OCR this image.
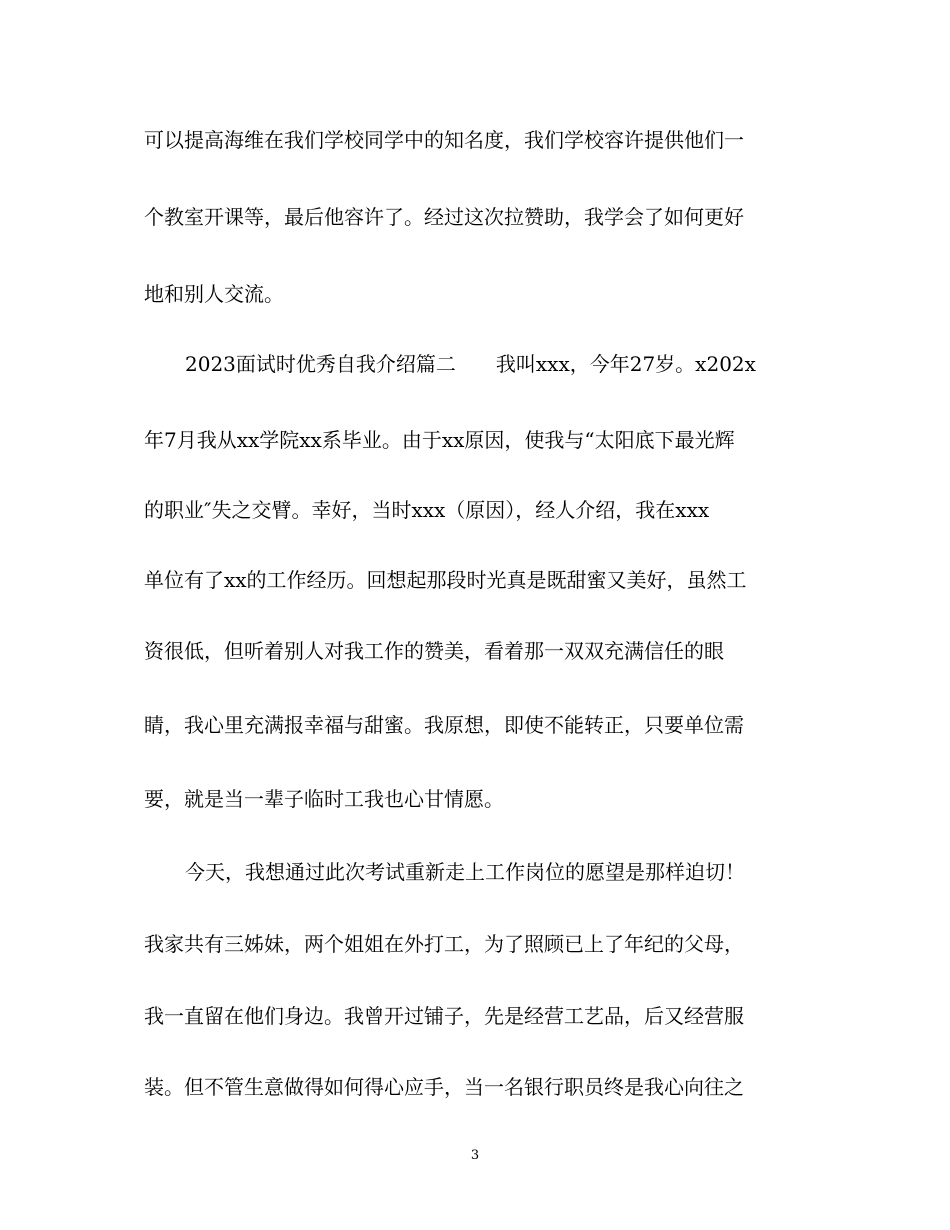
可以提高海维在我们学校同学中的知名度，我们学校容许提供他们一
个教室开课等，最后他容许了。经过这次拉赞助，我学会了如何更好
地和别人交流。
2023面试时优秀自我介绍篇二　　我叫xxx，今年27岁。x202x
年7月我从xx学院xx系毕业。由于xx原因，使我与“太阳底下最光辉
的职业″失之交臂。幸好，当时xxx（原因），经人介绍，我在xxx
单位有了xx的工作经历。回想起那段时光真是既甜蜜又美好，虽然工
资很低，但听着别人对我工作的赞美，看着那一双双充满信任的眼
睛，我心里充满报幸福与甜蜜。我原想，即使不能转正，只要单位需
要，就是当一辈子临时工我也心甘情愿。
今天，我想通过此次考试重新走上工作岗位的愿望是那样迫切！
我家共有三姊妹，两个姐姐在外打工，为了照顾已上了年纪的父母，
我一直留在他们身边。我曾开过铺子，先是经营工艺品，后又经营服
装。但不管生意做得如何得心应手，当一名银行职员终是我心向往之
3
